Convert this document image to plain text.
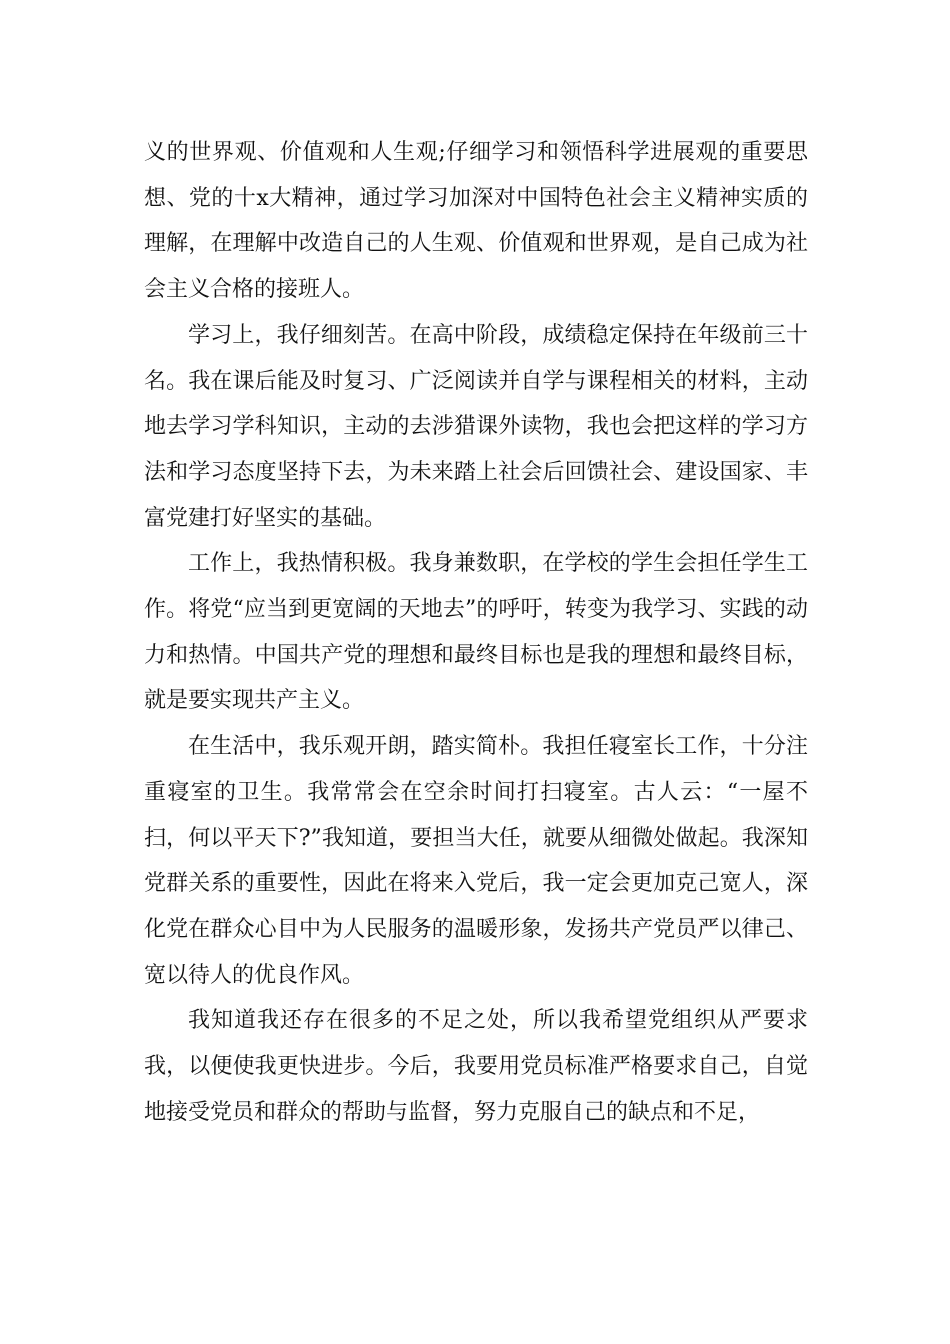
义的世界观、价值观和人生观;仔细学习和领悟科学进展观的重要思想、党的十x大精神，通过学习加深对中国特色社会主义精神实质的理解，在理解中改造自己的人生观、价值观和世界观，是自己成为社会主义合格的接班人。

学习上，我仔细刻苦。在高中阶段，成绩稳定保持在年级前三十名。我在课后能及时复习、广泛阅读并自学与课程相关的材料，主动地去学习学科知识，主动的去涉猎课外读物，我也会把这样的学习方法和学习态度坚持下去，为未来踏上社会后回馈社会、建设国家、丰富党建打好坚实的基础。

工作上，我热情积极。我身兼数职，在学校的学生会担任学生工作。将党“应当到更宽阔的天地去”的呼吁，转变为我学习、实践的动力和热情。中国共产党的理想和最终目标也是我的理想和最终目标，就是要实现共产主义。

在生活中，我乐观开朗，踏实简朴。我担任寝室长工作，十分注重寝室的卫生。我常常会在空余时间打扫寝室。古人云：“一屋不扫，何以平天下?”我知道，要担当大任，就要从细微处做起。我深知党群关系的重要性，因此在将来入党后，我一定会更加克己宽人，深化党在群众心目中为人民服务的温暖形象，发扬共产党员严以律己、宽以待人的优良作风。

我知道我还存在很多的不足之处，所以我希望党组织从严要求我，以便使我更快进步。今后，我要用党员标准严格要求自己，自觉地接受党员和群众的帮助与监督，努力克服自己的缺点和不足，
